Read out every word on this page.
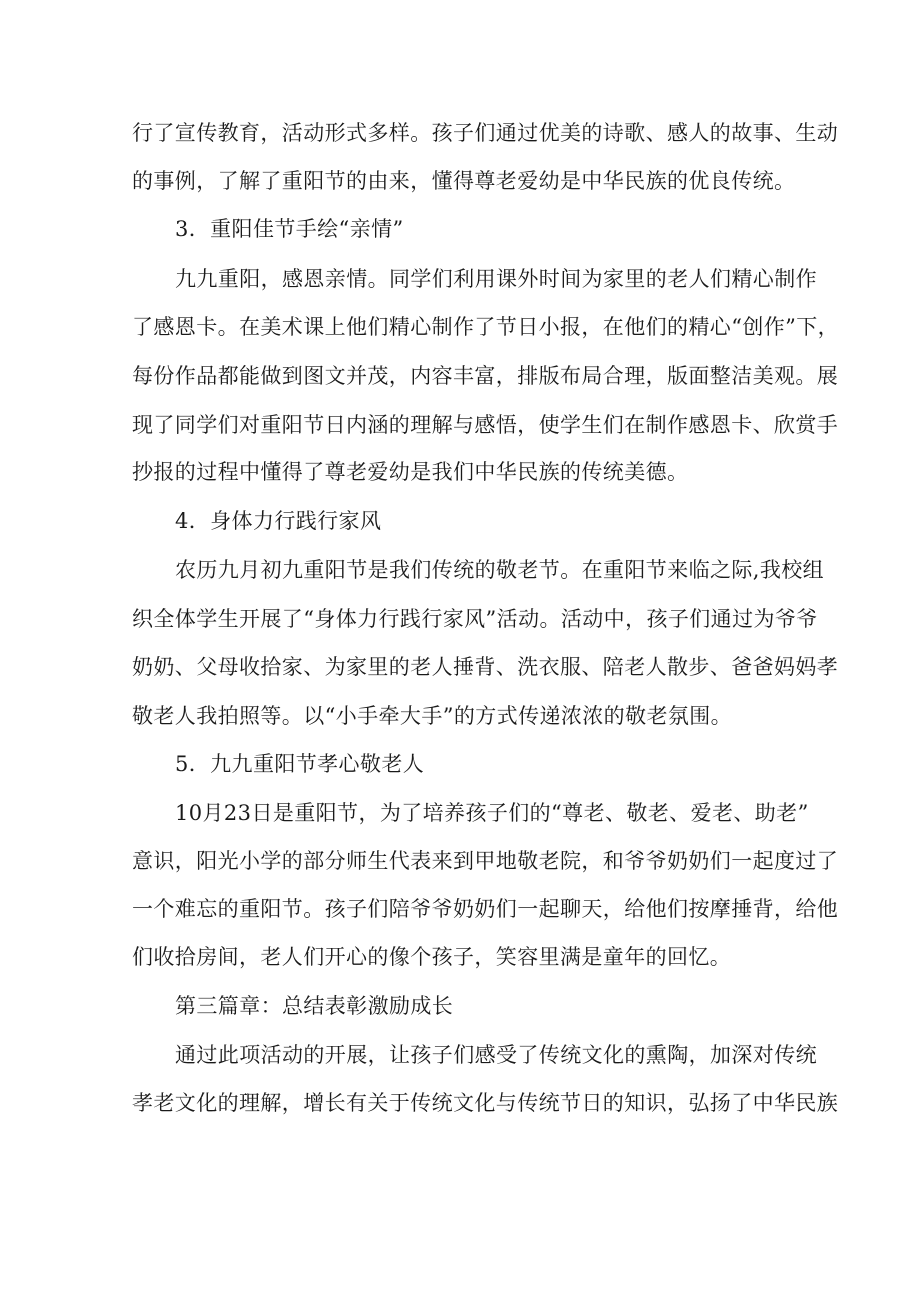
行了宣传教育，活动形式多样。孩子们通过优美的诗歌、感人的故事、生动
的事例，了解了重阳节的由来，懂得尊老爱幼是中华民族的优良传统。
3．重阳佳节手绘“亲情”
九九重阳，感恩亲情。同学们利用课外时间为家里的老人们精心制作
了感恩卡。在美术课上他们精心制作了节日小报，在他们的精心“创作”下，
每份作品都能做到图文并茂，内容丰富，排版布局合理，版面整洁美观。展
现了同学们对重阳节日内涵的理解与感悟，使学生们在制作感恩卡、欣赏手
抄报的过程中懂得了尊老爱幼是我们中华民族的传统美德。
4．身体力行践行家风
农历九月初九重阳节是我们传统的敬老节。在重阳节来临之际,我校组
织全体学生开展了“身体力行践行家风”活动。活动中，孩子们通过为爷爷
奶奶、父母收拾家、为家里的老人捶背、洗衣服、陪老人散步、爸爸妈妈孝
敬老人我拍照等。以“小手牵大手”的方式传递浓浓的敬老氛围。
5．九九重阳节孝心敬老人
10月23日是重阳节，为了培养孩子们的“尊老、敬老、爱老、助老”
意识，阳光小学的部分师生代表来到甲地敬老院，和爷爷奶奶们一起度过了
一个难忘的重阳节。孩子们陪爷爷奶奶们一起聊天，给他们按摩捶背，给他
们收拾房间，老人们开心的像个孩子，笑容里满是童年的回忆。
第三篇章：总结表彰激励成长
通过此项活动的开展，让孩子们感受了传统文化的熏陶，加深对传统
孝老文化的理解，增长有关于传统文化与传统节日的知识，弘扬了中华民族
